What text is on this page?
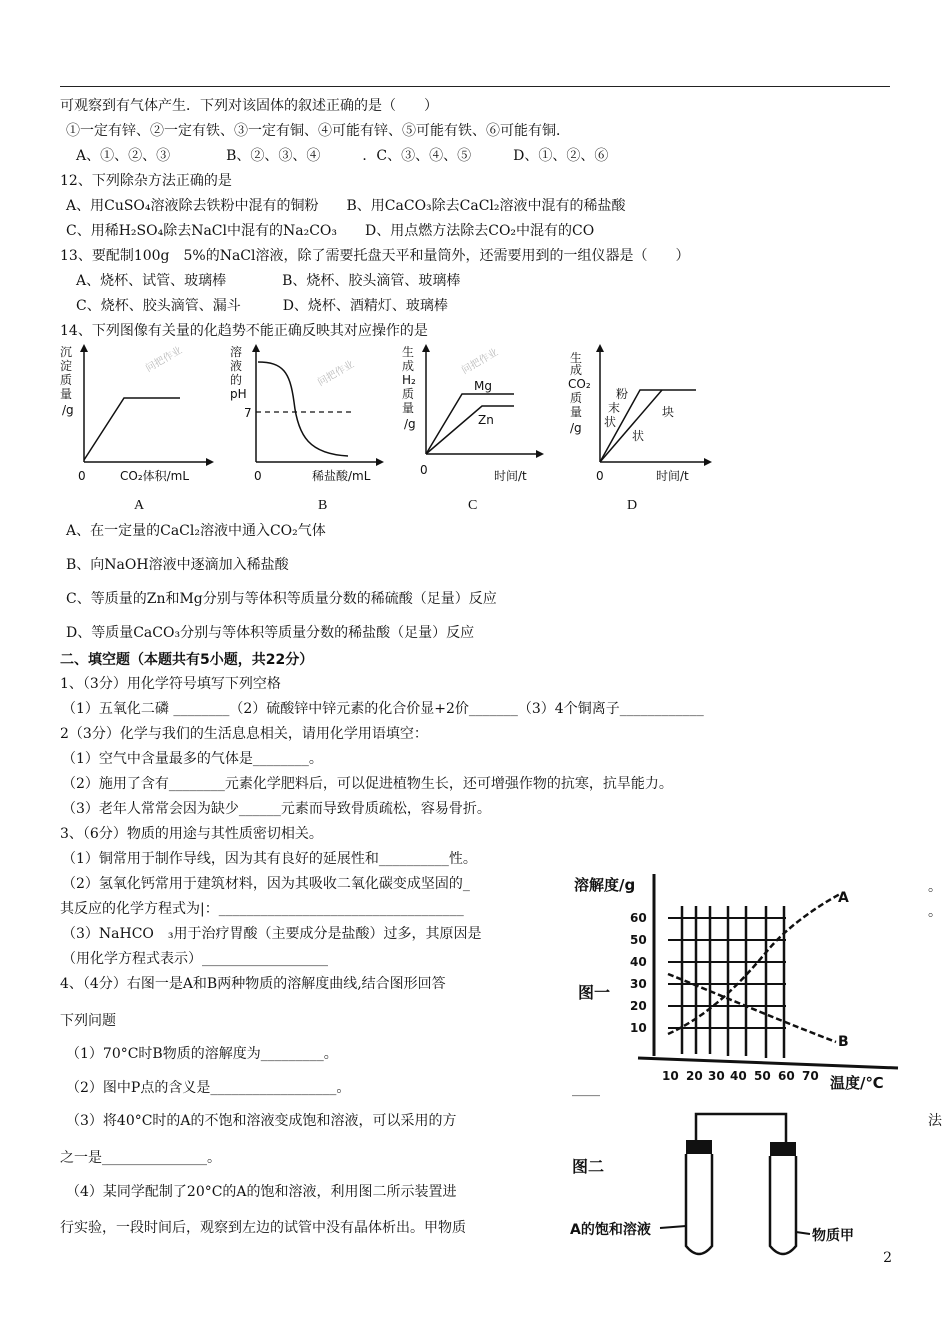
可观察到有气体产生．下列对该固体的叙述正确的是（　　）
①一定有锌、②一定有铁、③一定有铜、④可能有锌、⑤可能有铁、⑥可能有铜．
A、①、②、③　　　　B、②、③、④　　　．C、③、④、⑤　　　D、①、②、⑥
12、下列除杂方法正确的是
A、用CuSO₄溶液除去铁粉中混有的铜粉　　B、用CaCO₃除去CaCl₂溶液中混有的稀盐酸
C、用稀H₂SO₄除去NaCl中混有的Na₂CO₃　　D、用点燃方法除去CO₂中混有的CO
13、要配制100g　5%的NaCl溶液，除了需要托盘天平和量筒外，还需要用到的一组仪器是（　　）
A、烧杯、试管、玻璃棒　　　　B、烧杯、胶头滴管、玻璃棒
C、烧杯、胶头滴管、漏斗　　　D、烧杯、酒精灯、玻璃棒
14、下列图像有关量的化趋势不能正确反映其对应操作的是
沉
淀
质
量
/g
0	CO₂体积/mL
问把作业	溶
液
的
pH
7
0	稀盐酸/mL
问把作业
生
成
H₂
质
量
/g
Mg
Zn
0	时间/t
问把作业	生
成
CO₂
质
量
/g
粉
末
状
块
状
0	时间/t
A	B	C	D
A、在一定量的CaCl₂溶液中通入CO₂气体
B、向NaOH溶液中逐滴加入稀盐酸
C、等质量的Zn和Mg分别与等体积等质量分数的稀硫酸（足量）反应
D、等质量CaCO₃分别与等体积等质量分数的稀盐酸（足量）反应
二、填空题（本题共有5小题，共22分）
1、（3分）用化学符号填写下列空格
（1）五氧化二磷 ________（2）硫酸锌中锌元素的化合价显+2价_______（3）4个铜离子____________
2（3分）化学与我们的生活息息相关，请用化学用语填空：
（1）空气中含量最多的气体是________。
（2）施用了含有________元素化学肥料后，可以促进植物生长，还可增强作物的抗寒，抗旱能力。
（3）老年人常常会因为缺少______元素而导致骨质疏松，容易骨折。
3、（6分）物质的用途与其性质密切相关。
（1）铜常用于制作导线，因为其有良好的延展性和__________性。
（2）氢氧化钙常用于建筑材料，因为其吸收二氧化碳变成坚固的_
其反应的化学方程式为|：___________________________________
（3）NaHCO　₃用于治疗胃酸（主要成分是盐酸）过多，其原因是
（用化学方程式表示）__________________
4、（4分）右图一是A和B两种物质的溶解度曲线,结合图形回答
下列问题
（1）70°C时B物质的溶解度为_________。
（2）图中P点的含义是__________________。
（3）将40°C时的A的不饱和溶液变成饱和溶液，可以采用的方
之一是_______________。
（4）某同学配制了20°C的A的饱和溶液，利用图二所示装置进
行实验，一段时间后，观察到左边的试管中没有晶体析出。甲物质
。
。
法
____
溶解度/g
图一
60
50
40
30
20
10
10 20 30 40 50 60 70 温度/℃
A
B
图二
A的饱和溶液	物质甲
2
